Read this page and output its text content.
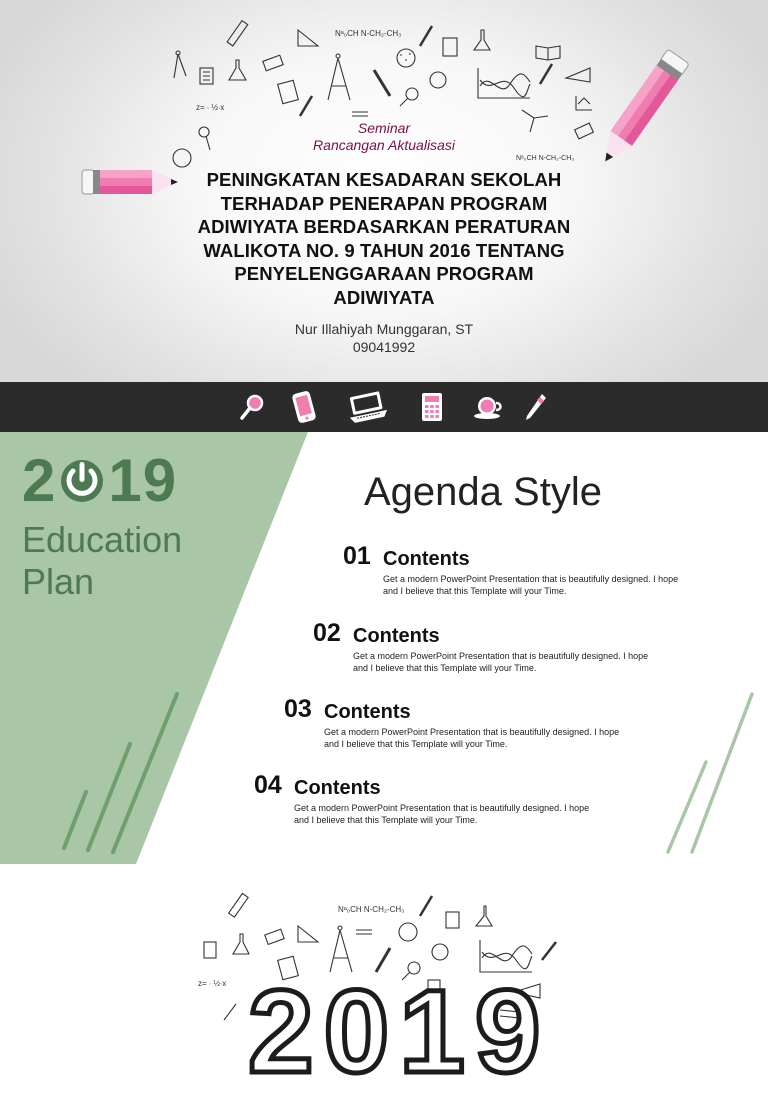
Nᵃ₀CH N-CH₂-CH₃
Nᵃ₀CH N-CH₂-CH₃
z= ∙ ½∙x
Seminar
Rancangan Aktualisasi
PENINGKATAN KESADARAN SEKOLAH TERHADAP PENERAPAN PROGRAM ADIWIYATA BERDASARKAN PERATURAN WALIKOTA NO. 9 TAHUN 2016 TENTANG PENYELENGGARAAN PROGRAM ADIWIYATA
Nur Illahiyah Munggaran, ST
09041992
2 19
Education
Plan
Agenda Style
01 Contents
Get a modern PowerPoint Presentation that is beautifully designed. I hope and I believe that this Template will your Time.
02 Contents
Get a modern PowerPoint Presentation that is beautifully designed. I hope and I believe that this Template will your Time.
03 Contents
Get a modern PowerPoint Presentation that is beautifully designed. I hope and I believe that this Template will your Time.
04 Contents
Get a modern PowerPoint Presentation that is beautifully designed. I hope and I believe that this Template will your Time.
Nᵃ₀CH N-CH₂-CH₃
z= ∙ ½∙x 2019
